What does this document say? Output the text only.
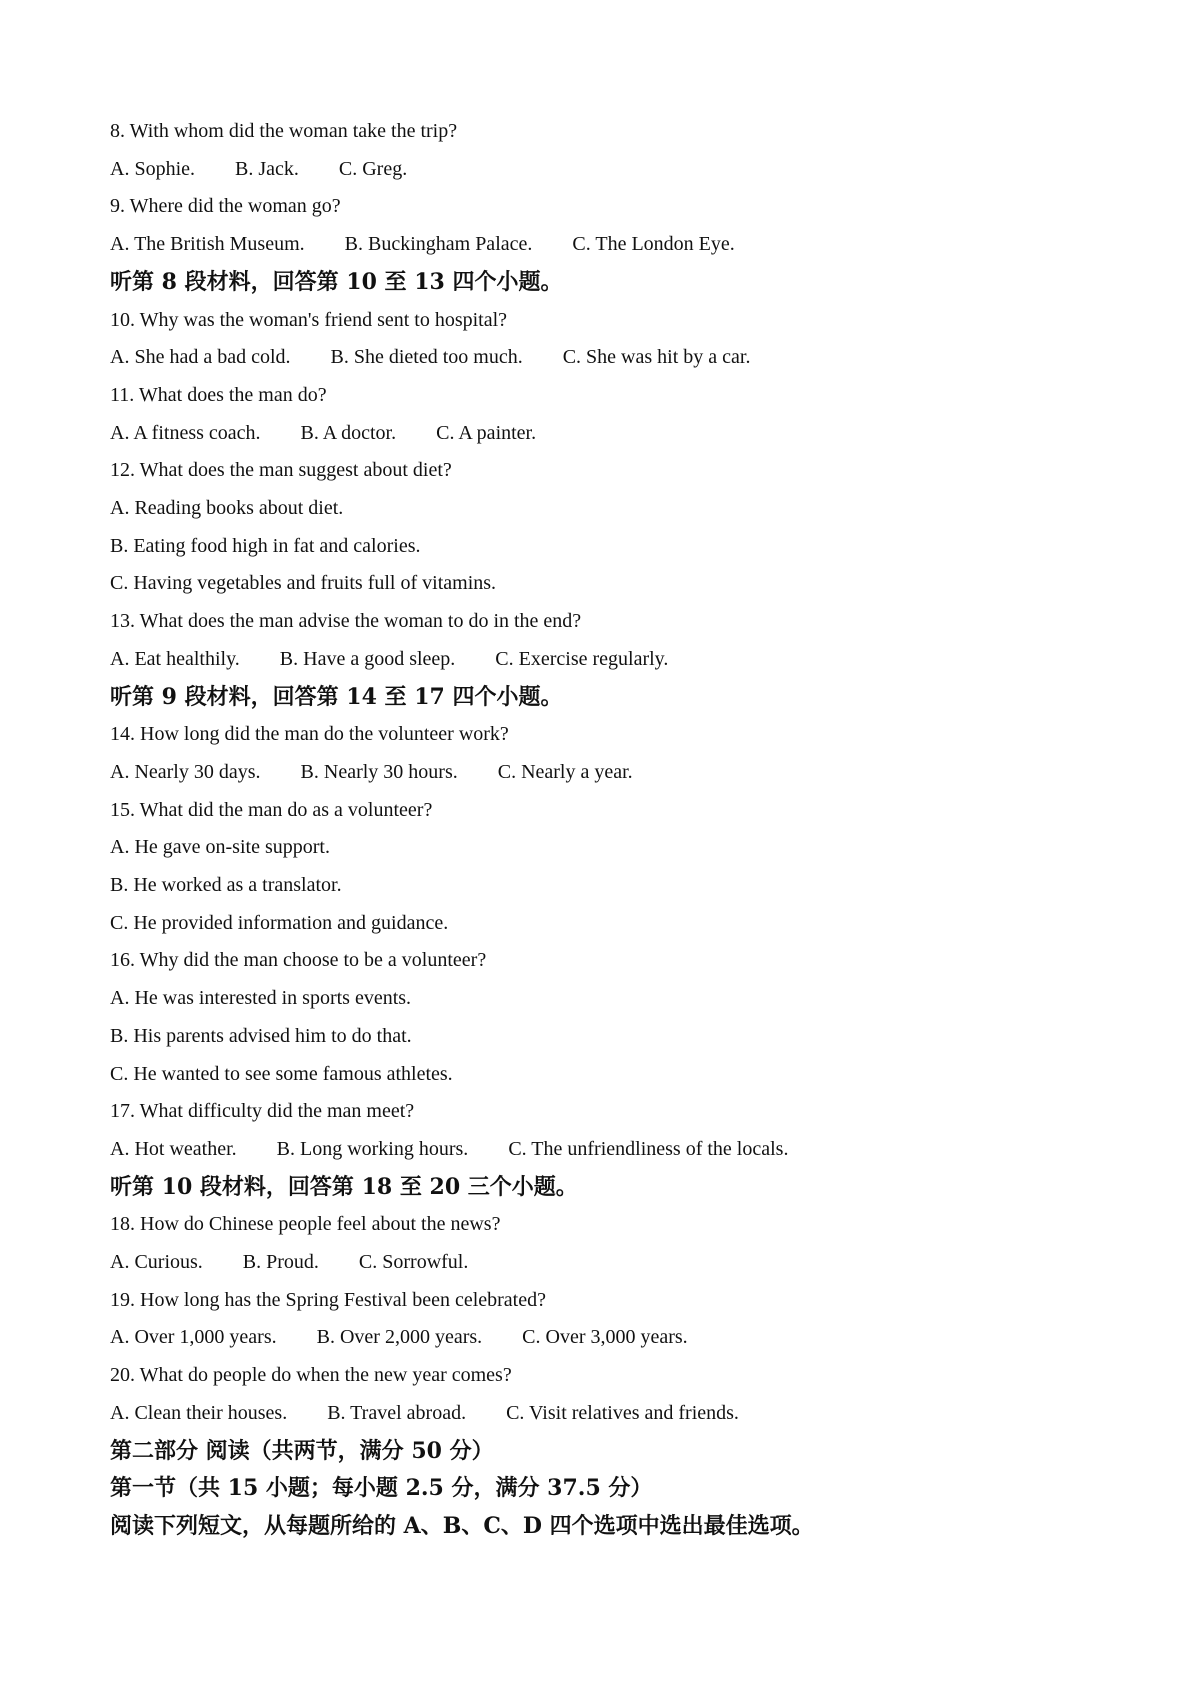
8. With whom did the woman take the trip?
A. Sophie. B. Jack. C. Greg.
9. Where did the woman go?
A. The British Museum. B. Buckingham Palace. C. The London Eye.
听第 8 段材料，回答第 10 至 13 四个小题。
10. Why was the woman's friend sent to hospital?
A. She had a bad cold. B. She dieted too much. C. She was hit by a car.
11. What does the man do?
A. A fitness coach. B. A doctor. C. A painter.
12. What does the man suggest about diet?
A. Reading books about diet.
B. Eating food high in fat and calories.
C. Having vegetables and fruits full of vitamins.
13. What does the man advise the woman to do in the end?
A. Eat healthily. B. Have a good sleep. C. Exercise regularly.
听第 9 段材料，回答第 14 至 17 四个小题。
14. How long did the man do the volunteer work?
A. Nearly 30 days. B. Nearly 30 hours. C. Nearly a year.
15. What did the man do as a volunteer?
A. He gave on-site support.
B. He worked as a translator.
C. He provided information and guidance.
16. Why did the man choose to be a volunteer?
A. He was interested in sports events.
B. His parents advised him to do that.
C. He wanted to see some famous athletes.
17. What difficulty did the man meet?
A. Hot weather. B. Long working hours. C. The unfriendliness of the locals.
听第 10 段材料，回答第 18 至 20 三个小题。
18. How do Chinese people feel about the news?
A. Curious. B. Proud. C. Sorrowful.
19. How long has the Spring Festival been celebrated?
A. Over 1,000 years. B. Over 2,000 years. C. Over 3,000 years.
20. What do people do when the new year comes?
A. Clean their houses. B. Travel abroad. C. Visit relatives and friends.
第二部分 阅读（共两节，满分 50 分）
第一节（共 15 小题；每小题 2.5 分，满分 37.5 分）
阅读下列短文，从每题所给的 A、B、C、D 四个选项中选出最佳选项。
